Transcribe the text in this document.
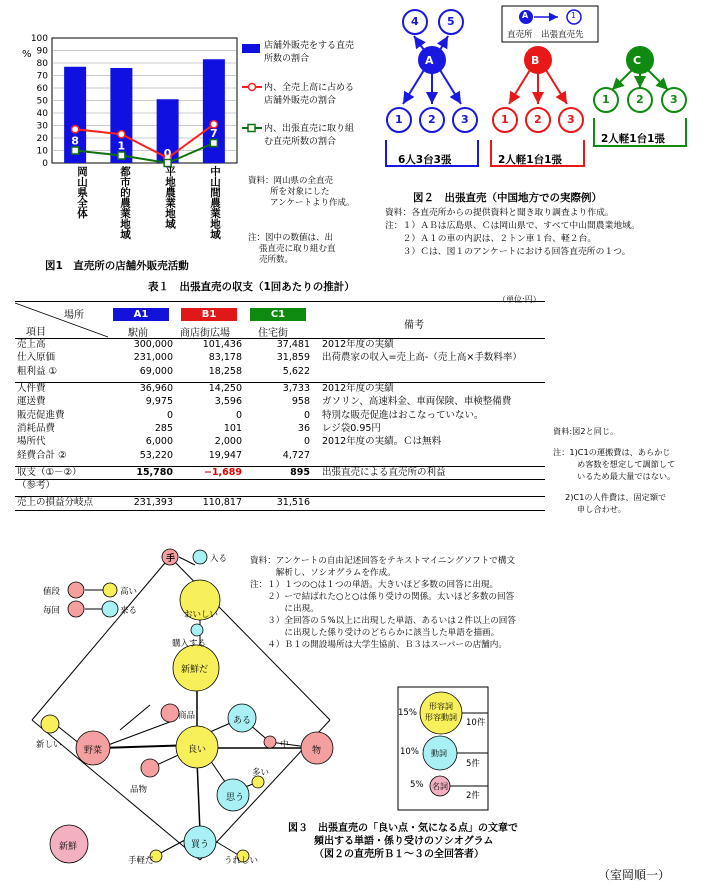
0
10
20
30
40
50
60
70
80
90
100
8	1
0
7
%
岡山県全体	都市的農業地域	平地農業地域	中山間農業地域
店舗外販売をする直売所数の割合
内、全売上高に占める店舗外販売の割合
内、出張直売に取り組む直売所数の割合
資料：岡山県の全直売
所を対象にした
アンケートより作成。
注：図中の数値は、出
張直売に取り組む直
売所数。
図1　直売所の店舗外販売活動
A	B	C
4	5
1 2 3	1 2 3
1 2 3
A	1
直売所　出張直売先
6人3台3張	2人軽1台1張
2人軽1台1張
図２　出張直売（中国地方での実際例）
資料：各直売所からの提供資料と聞き取り調査より作成。
注：１）ＡＢは広島県、Ｃは岡山県で、すべて中山間農業地域。
　　２）Ａ１の車の内訳は、２トン車１台、軽２台。
　　３）Ｃは、図１のアンケートにおける回答直売所の１つ。
表１　出張直売の収支（1回あたりの推計）
（単位:円）
場所
項目
A1	B1	C1
駅前	商店街広場	住宅街
備考
売上高	300,000	101,436	37,481	2012年度の実績
仕入原価	231,000	83,178	31,859	出荷農家の収入=売上高-（売上高×手数料率）
粗利益 ①	69,000	18,258	5,622	

人件費	36,960	14,250	3,733	2012年度の実績
運送費	9,975	3,596	958	ガソリン、高速料金、車両保険、車検整備費
販売促進費	0	0	0	特別な販売促進はおこなっていない。
消耗品費	285	101	36	レジ袋0.95円
場所代	6,000	2,000	0	2012年度の実績。Ｃは無料
経費合計 ②	53,220	19,947	4,727	

収支（①－②）	15,780	−1,689	895	出張直売による直売所の利益
（参考）				

売上の損益分岐点	231,393	110,817	31,516	
資料:図2と同じ。
注：1)C1の運搬費は、あらかじ
め客数を想定して調節して
いるため最大量ではない。
2)C1の人件費は、固定額で
申し合わせ。
手	入る
値段	高い
毎回	来る	おいしい
購入する
新鮮だ
商品	ある
新しい
野菜	良い	中
物
品物
多い
思う
新鮮	買う
手軽だ	うれしい
形容詞
形容動詞
動詞
名詞
15%
10%
5%
10件
5件
2件
資料：アンケートの自由記述回答をテキストマイニングソフトで構文
　　　解析し、ソシオグラムを作成。
注：１）１つの○は１つの単語。大きいほど多数の回答に出現。
　　２）ーで結ばれた○と○は係り受けの関係。太いほど多数の回答
　　　　に出現。
　　３）全回答の５%以上に出現した単語、あるいは２件以上の回答
　　　　に出現した係り受けのどちらかに該当した単語を描画。
　　４）Ｂ１の開設場所は大学生協前、Ｂ３はスーパーの店舗内。
図３　出張直売の「良い点・気になる点」の文章で
頻出する単語・係り受けのソシオグラム
（図２の直売所Ｂ１～３の全回答者）
（室岡順一）
